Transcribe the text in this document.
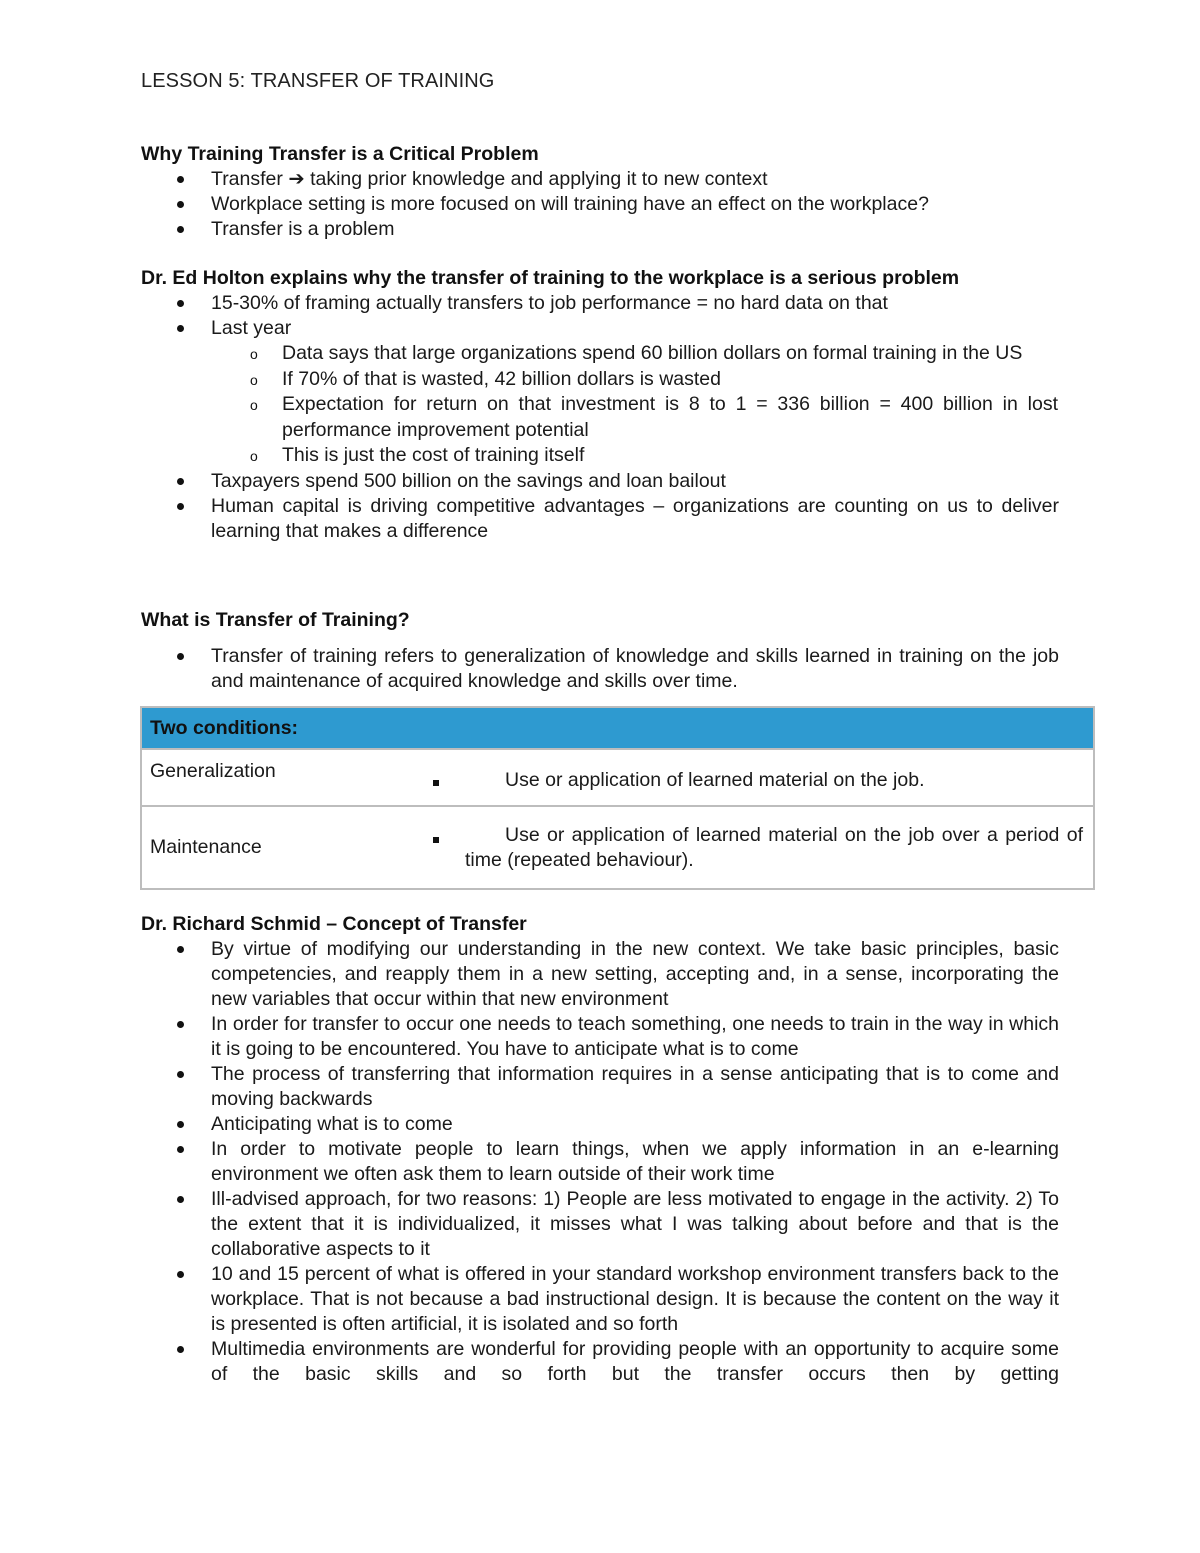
LESSON 5: TRANSFER OF TRAINING
Why Training Transfer is a Critical Problem
Transfer ➔ taking prior knowledge and applying it to new context
Workplace setting is more focused on will training have an effect on the workplace?
Transfer is a problem
Dr. Ed Holton explains why the transfer of training to the workplace is a serious problem
15-30% of framing actually transfers to job performance = no hard data on that
Last year
o Data says that large organizations spend 60 billion dollars on formal training in the US
o If 70% of that is wasted, 42 billion dollars is wasted
o Expectation for return on that investment is 8 to 1 = 336 billion = 400 billion in lost performance improvement potential
o This is just the cost of training itself
Taxpayers spend 500 billion on the savings and loan bailout
Human capital is driving competitive advantages – organizations are counting on us to deliver learning that makes a difference
What is Transfer of Training?
Transfer of training refers to generalization of knowledge and skills learned in training on the job and maintenance of acquired knowledge and skills over time.
Two conditions:	
Generalization	Use or application of learned material on the job.

Maintenance	Use or application of learned material on the job over a period of time (repeated behaviour).
Dr. Richard Schmid – Concept of Transfer
By virtue of modifying our understanding in the new context. We take basic principles, basic competencies, and reapply them in a new setting, accepting and, in a sense, incorporating the new variables that occur within that new environment
In order for transfer to occur one needs to teach something, one needs to train in the way in which it is going to be encountered. You have to anticipate what is to come
The process of transferring that information requires in a sense anticipating that is to come and moving backwards
Anticipating what is to come
In order to motivate people to learn things, when we apply information in an e-learning environment we often ask them to learn outside of their work time
Ill-advised approach, for two reasons: 1) People are less motivated to engage in the activity. 2) To the extent that it is individualized, it misses what I was talking about before and that is the collaborative aspects to it
10 and 15 percent of what is offered in your standard workshop environment transfers back to the workplace. That is not because a bad instructional design. It is because the content on the way it is presented is often artificial, it is isolated and so forth
Multimedia environments are wonderful for providing people with an opportunity to acquire some of the basic skills and so forth but the transfer occurs then by getting
